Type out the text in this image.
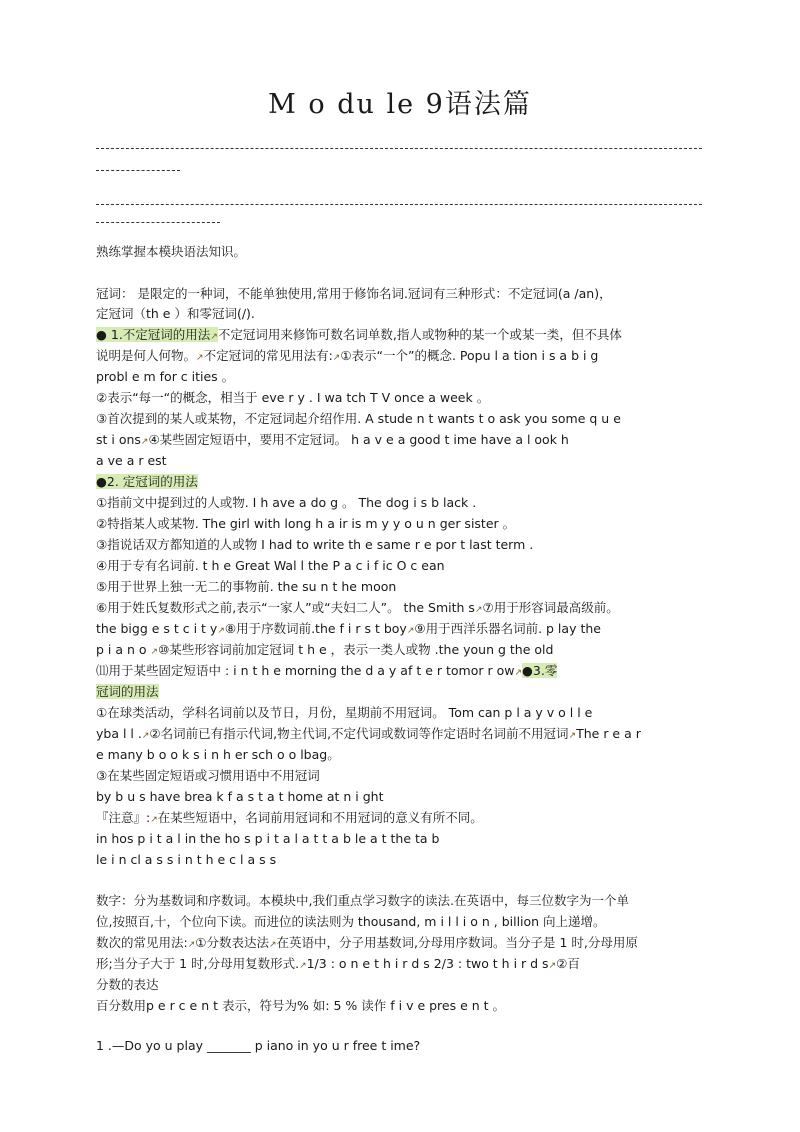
M o du le 9语法篇
熟练掌握本模块语法知识。
冠词： 是限定的一种词，不能单独使用,常用于修饰名词.冠词有三种形式：不定冠词(a /an)，
定冠词（th e ）和零冠词(/).
● 1.不定冠词的用法↗不定冠词用来修饰可数名词单数,指人或物种的某一个或某一类，但不具体
说明是何人何物。↗不定冠词的常见用法有:↗①表示“一个”的概念. Popu l a tion i s a b i g
probl e m for c ities 。
②表示“每一“的概念，相当于 eve r y . I wa tch T V once a week 。
③首次提到的某人或某物，不定冠词起介绍作用. A stude n t wants t o ask you some q u e
st i ons↗④某些固定短语中，要用不定冠词。 h a v e a good t ime have a l ook h
a ve a r est
●2. 定冠词的用法
①指前文中提到过的人或物. I h ave a do g 。 The dog i s b lack .
②特指某人或某物. The girl with long h a ir is m y y o u n ger sister 。
③指说话双方都知道的人或物 I had to write th e same r e por t last term .
④用于专有名词前. t h e Great Wal l the P a c i f ic O c ean
⑤用于世界上独一无二的事物前. the su n t he moon
⑥用于姓氏复数形式之前,表示“一家人”或“夫妇二人”。 the Smith s↗⑦用于形容词最高级前。
the bigg e s t c i t y↗⑧用于序数词前.the f i r s t boy↗⑨用于西洋乐器名词前. p lay the
p i a n o ↗⑩某些形容词前加定冠词 t h e ，表示一类人或物 .the youn g the old
⑾用于某些固定短语中 : i n t h e morning the d a y af t e r tomor r ow↗●3.零
冠词的用法
①在球类活动，学科名词前以及节日，月份，星期前不用冠词。 Tom can p l a y v o l l e
yba l l .↗②名词前已有指示代词,物主代词,不定代词或数词等作定语时名词前不用冠词↗The r e a r
e many b o o k s i n h er sch o o lbag。
③在某些固定短语或习惯用语中不用冠词
by b u s have brea k f a s t a t home at n i ght
『注意』:↗在某些短语中，名词前用冠词和不用冠词的意义有所不同。
in hos p i t a l in the ho s p i t a l a t t a b le a t the ta b
le i n cl a s s i n t h e c l a s s
数字：分为基数词和序数词。本模块中,我们重点学习数字的读法.在英语中，每三位数字为一个单
位,按照百,十，个位向下读。而进位的读法则为 thousand, m i l l i o n , billion 向上递增。
数次的常见用法:↗①分数表达法↗在英语中，分子用基数词,分母用序数词。当分子是 1 时,分母用原
形;当分子大于 1 时,分母用复数形式.↗1/3 : o n e t h i r d s 2/3 : two t h i r d s↗②百
分数的表达
百分数用p e r c e n t 表示，符号为% 如: 5 % 读作 f i v e pres e n t 。
1 .—Do yo u play _______ p iano in yo u r free t ime?
